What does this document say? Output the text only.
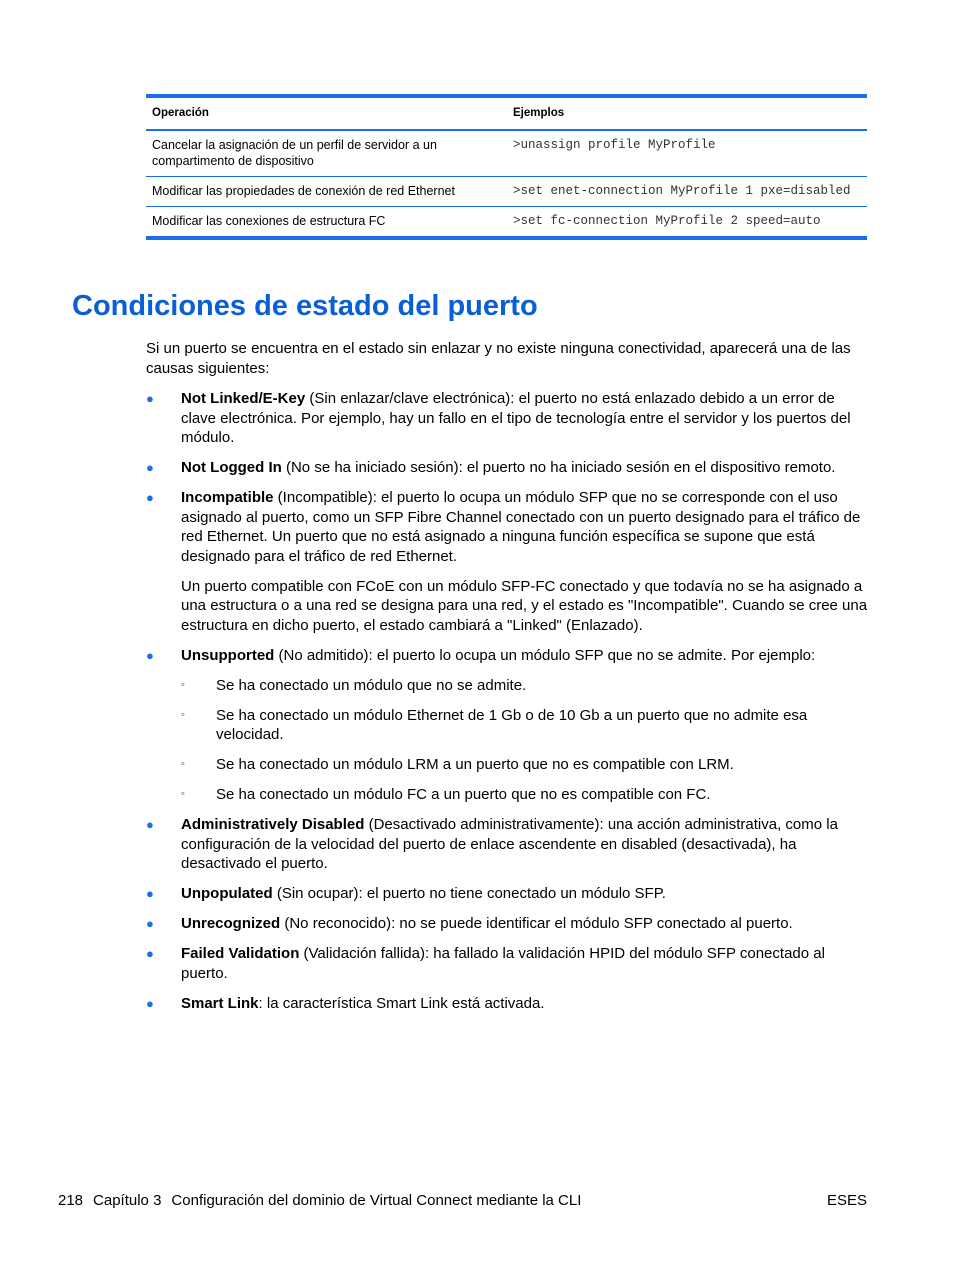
Operación	Ejemplos
Cancelar la asignación de un perfil de servidor a un compartimento de dispositivo	>unassign profile MyProfile
Modificar las propiedades de conexión de red Ethernet	>set enet-connection MyProfile 1 pxe=disabled
Modificar las conexiones de estructura FC	>set fc-connection MyProfile 2 speed=auto
Condiciones de estado del puerto

Si un puerto se encuentra en el estado sin enlazar y no existe ninguna conectividad, aparecerá una de las causas siguientes:

● Not Linked/E-Key (Sin enlazar/clave electrónica): el puerto no está enlazado debido a un error de clave electrónica. Por ejemplo, hay un fallo en el tipo de tecnología entre el servidor y los puertos del módulo.
● Not Logged In (No se ha iniciado sesión): el puerto no ha iniciado sesión en el dispositivo remoto.
● Incompatible (Incompatible): el puerto lo ocupa un módulo SFP que no se corresponde con el uso asignado al puerto, como un SFP Fibre Channel conectado con un puerto designado para el tráfico de red Ethernet. Un puerto que no está asignado a ninguna función específica se supone que está designado para el tráfico de red Ethernet.

Un puerto compatible con FCoE con un módulo SFP-FC conectado y que todavía no se ha asignado a una estructura o a una red se designa para una red, y el estado es "Incompatible". Cuando se cree una estructura en dicho puerto, el estado cambiará a "Linked" (Enlazado).

● Unsupported (No admitido): el puerto lo ocupa un módulo SFP que no se admite. Por ejemplo:
◦ Se ha conectado un módulo que no se admite.
◦ Se ha conectado un módulo Ethernet de 1 Gb o de 10 Gb a un puerto que no admite esa velocidad.
◦ Se ha conectado un módulo LRM a un puerto que no es compatible con LRM.
◦ Se ha conectado un módulo FC a un puerto que no es compatible con FC.
● Administratively Disabled (Desactivado administrativamente): una acción administrativa, como la configuración de la velocidad del puerto de enlace ascendente en disabled (desactivada), ha desactivado el puerto.
● Unpopulated (Sin ocupar): el puerto no tiene conectado un módulo SFP.
● Unrecognized (No reconocido): no se puede identificar el módulo SFP conectado al puerto.
● Failed Validation (Validación fallida): ha fallado la validación HPID del módulo SFP conectado al puerto.
● Smart Link: la característica Smart Link está activada.
218 Capítulo 3 Configuración del dominio de Virtual Connect mediante la CLI	ESES
